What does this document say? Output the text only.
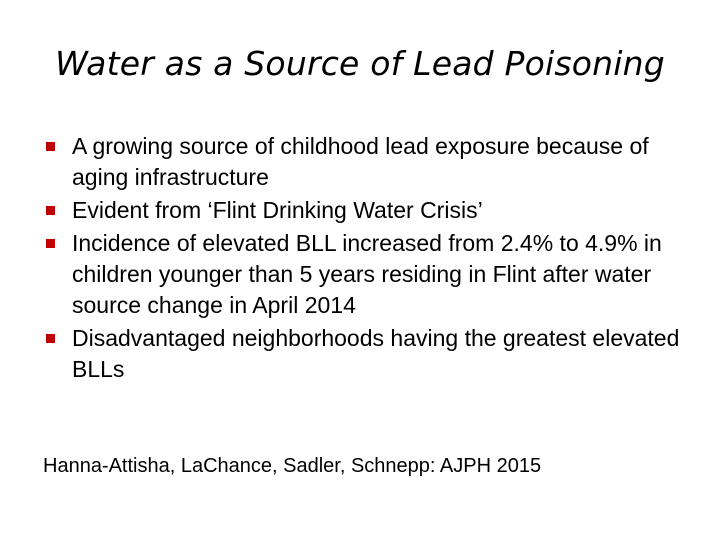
Water as a Source of Lead Poisoning
A growing source of childhood lead exposure because of aging infrastructure
Evident from ‘Flint Drinking Water Crisis’
Incidence of elevated BLL increased from 2.4% to 4.9% in children younger than 5 years residing in Flint after water source change in April 2014
Disadvantaged neighborhoods having the greatest elevated BLLs
Hanna-Attisha, LaChance, Sadler, Schnepp: AJPH 2015
